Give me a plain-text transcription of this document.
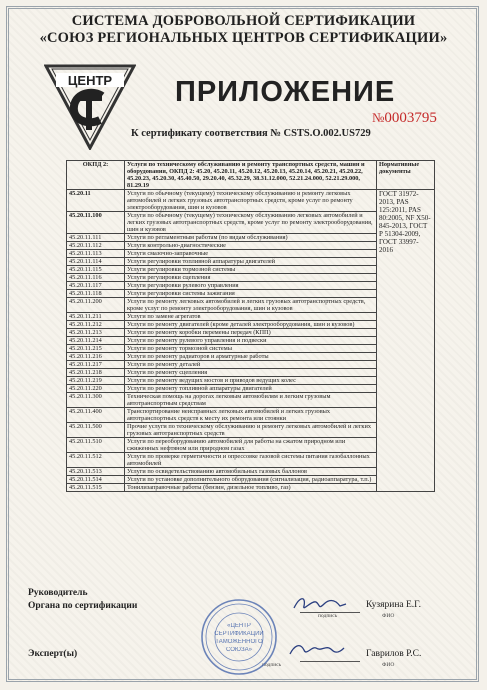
СИСТЕМА ДОБРОВОЛЬНОЙ СЕРТИФИКАЦИИ
«СОЮЗ РЕГИОНАЛЬНЫХ ЦЕНТРОВ СЕРТИФИКАЦИИ»
ЦЕНТР ПРИЛОЖЕНИЕ
№0003795
К сертификату соответствия № CSTS.O.002.US729
ОКПД 2:	Услуги по техническому обслуживанию и ремонту транспортных средств, машин и оборудования, ОКПД 2: 45.20, 45.20.11, 45.20.12, 45.20.13, 45.20.14, 45.20.21, 45.20.22, 45.20.23, 45.20.30, 45.40.50, 29.20.40, 45.32.29, 38.31.12.000, 52.21.24.000, 52.21.29.000, 81.29.19	Нормативные документы
45.20.11	Услуги по обычному (текущему) техническому обслуживанию и ремонту легковых автомобилей и легких грузовых автотранспортных средств, кроме услуг по ремонту электрооборудования, шин и кузовов	ГОСТ 31972-2013, PAS 125:2011, PAS 80:2005, NF X50-845-2013, ГОСТ Р 51304-2009, ГОСТ 33997-2016
45.20.11.100	Услуги по обычному (текущему) техническому обслуживанию легковых автомобилей и легких грузовых автотранспортных средств, кроме услуг по ремонту электрооборудования, шин и кузовов	
45.20.11.111	Услуги по регламентным работам (по видам обслуживания)	
45.20.11.112	Услуги контрольно-диагностические	
45.20.11.113	Услуги смазочно-заправочные	
45.20.11.114	Услуги регулировки топливной аппаратуры двигателей	
45.20.11.115	Услуги регулировки тормозной системы	
45.20.11.116	Услуги регулировки сцепления	
45.20.11.117	Услуги регулировки рулевого управления	
45.20.11.118	Услуги регулировки системы зажигания	
45.20.11.200	Услуги по ремонту легковых автомобилей и легких грузовых автотранспортных средств, кроме услуг по ремонту электрооборудования, шин и кузовов	
45.20.11.211	Услуги по замене агрегатов	
45.20.11.212	Услуги по ремонту двигателей (кроме деталей электрооборудования, шин и кузовов)	
45.20.11.213	Услуги по ремонту коробки перемены передач (КПП)	
45.20.11.214	Услуги по ремонту рулевого управления и подвески	
45.20.11.215	Услуги по ремонту тормозной системы	
45.20.11.216	Услуги по ремонту радиаторов и арматурные работы	
45.20.11.217	Услуги по ремонту деталей	
45.20.11.218	Услуги по ремонту сцепления	
45.20.11.219	Услуги по ремонту ведущих мостов и приводов ведущих колес	
45.20.11.220	Услуги по ремонту топливной аппаратуры двигателей	
45.20.11.300	Техническая помощь на дорогах легковым автомобилям и легким грузовым автотранспортным средствам	
45.20.11.400	Транспортирование неисправных легковых автомобилей и легких грузовых автотранспортных средств к месту их ремонта или стоянки	
45.20.11.500	Прочие услуги по техническому обслуживанию и ремонту легковых автомобилей и легких грузовых автотранспортных средств	
45.20.11.510	Услуги по переоборудованию автомобилей для работы на сжатом природном или сжиженных нефтяном или природном газах	
45.20.11.512	Услуги по проверке герметичности и опрессовке газовой системы питания газобаллонных автомобилей	
45.20.11.513	Услуги по освидетельствованию автомобильных газовых баллонов	
45.20.11.514	Услуги по установке дополнительного оборудования (сигнализация, радиоаппаратура, т.п.)	
45.20.11.515	Тонилизаправочные работы (бензин, дизельное топливо, газ)	
Руководитель
Органа по сертификации
Эксперт(ы)
подпись
подпись
ФИО
ФИО
Кузярина Е.Г.
Гаврилов Р.С.
«ЦЕНТР
СЕРТИФИКАЦИИ
ТАМОЖЕННОГО
СОЮЗА»
